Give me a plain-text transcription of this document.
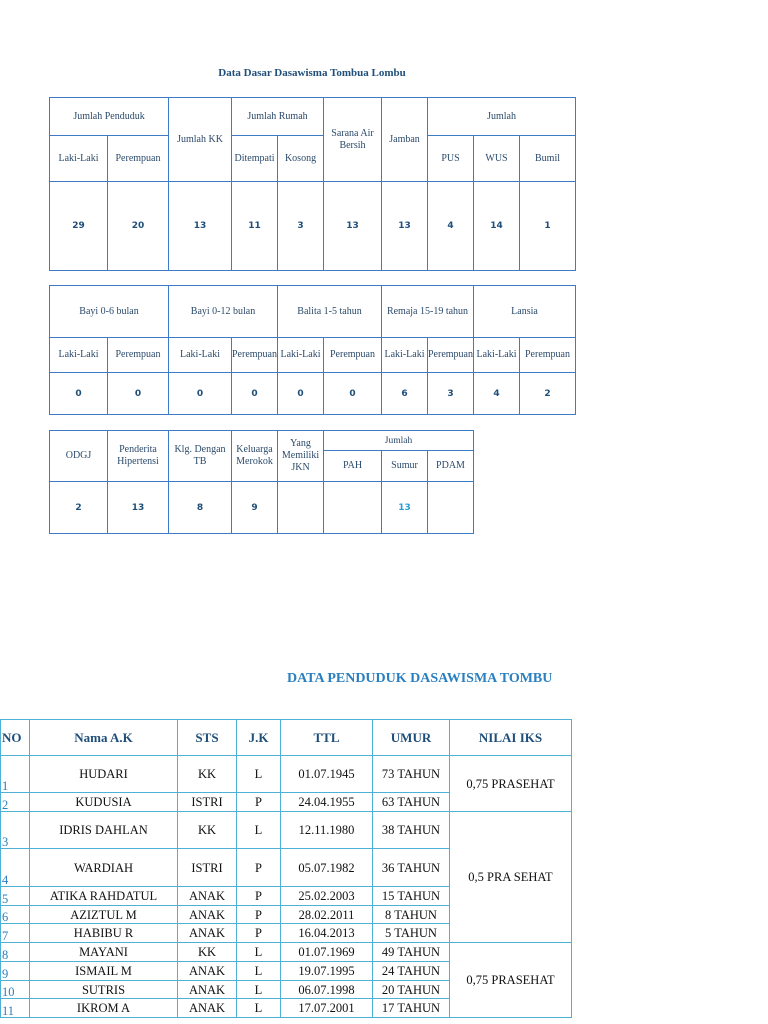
Data Dasar Dasawisma Tombua Lombu
Jumlah Penduduk		Jumlah KK	Jumlah Rumah		Sarana Air Bersih	Jamban	Jumlah		
Laki-Laki	Perempuan		Ditempati	Kosong			PUS	WUS	Bumil
29	20	13	11	3	13	13	4	14	1
Bayi 0-6 bulan		Bayi 0-12 bulan		Balita 1-5 tahun		Remaja 15-19 tahun		Lansia	
Laki-Laki	Perempuan	Laki-Laki	Perempuan	Laki-Laki	Perempuan	Laki-Laki	Perempuan	Laki-Laki	Perempuan
0	0	0	0	0	0	6	3	4	2
ODGJ	Penderita Hipertensi	Klg. Dengan TB	Keluarga Merokok	Yang Memiliki JKN	Jumlah		
					PAH	Sumur	PDAM
2	13	8	9			13	
DATA PENDUDUK DASAWISMA TOMBU
NO	Nama A.K	STS	J.K	TTL	UMUR	NILAI IKS
1	HUDARI	KK	L	01.07.1945	73 TAHUN	0,75 PRASEHAT
2	KUDUSIA	ISTRI	P	24.04.1955	63 TAHUN	
3	IDRIS DAHLAN	KK	L	12.11.1980	38 TAHUN	0,5 PRA SEHAT
4	WARDIAH	ISTRI	P	05.07.1982	36 TAHUN	
5	ATIKA RAHDATUL	ANAK	P	25.02.2003	15 TAHUN	
6	AZIZTUL M	ANAK	P	28.02.2011	8 TAHUN	
7	HABIBU R	ANAK	P	16.04.2013	5 TAHUN	
8	MAYANI	KK	L	01.07.1969	49 TAHUN	0,75 PRASEHAT
9	ISMAIL M	ANAK	L	19.07.1995	24 TAHUN	
10	SUTRIS	ANAK	L	06.07.1998	20 TAHUN	
11	IKROM A	ANAK	L	17.07.2001	17 TAHUN	
